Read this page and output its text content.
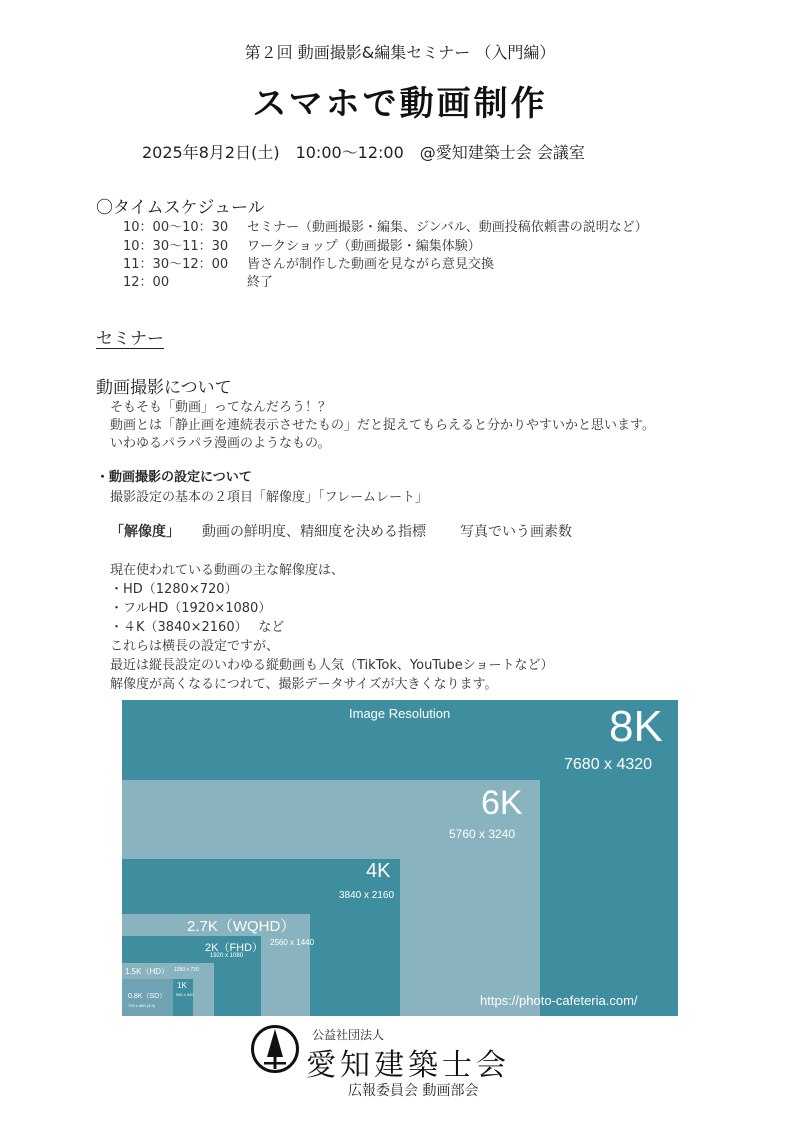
第２回 動画撮影&編集セミナー （入門編）
スマホで動画制作
2025年8月2日(土)　10:00～12:00　@愛知建築士会 会議室
〇タイムスケジュール
10：00～10：30 セミナー（動画撮影・編集、ジンバル、動画投稿依頼書の説明など）
10：30～11：30 ワークショップ（動画撮影・編集体験）
11：30～12：00 皆さんが制作した動画を見ながら意見交換
12：00	終了
セミナー
動画撮影について
そもそも「動画」ってなんだろう！？
動画とは「静止画を連続表示させたもの」だと捉えてもらえると分かりやすいかと思います。
いわゆるパラパラ漫画のようなもの。
・動画撮影の設定について
撮影設定の基本の２項目「解像度」「フレームレート」
「解像度」 動画の鮮明度、精細度を決める指標 写真でいう画素数
現在使われている動画の主な解像度は、
・HD（1280×720）
・フルHD（1920×1080）
・４K（3840×2160）　 など
これらは横長の設定ですが、
最近は縦長設定のいわゆる縦動画も人気（TikTok、YouTubeショートなど）
解像度が高くなるにつれて、撮影データサイズが大きくなります。
Image Resolution	8K
7680 x 4320
6K
5760 x 3240
4K
3840 x 2160
2.7K（WQHD）
2560 x 1440
2K（FHD）
1920 x 1080
1.5K（HD） 1280 x 720
1K
960 x 540
0.8K（SD）
720 x 480 (4:3)	https://photo-cafeteria.com/
公益社団法人
愛知建築士会
広報委員会 動画部会
